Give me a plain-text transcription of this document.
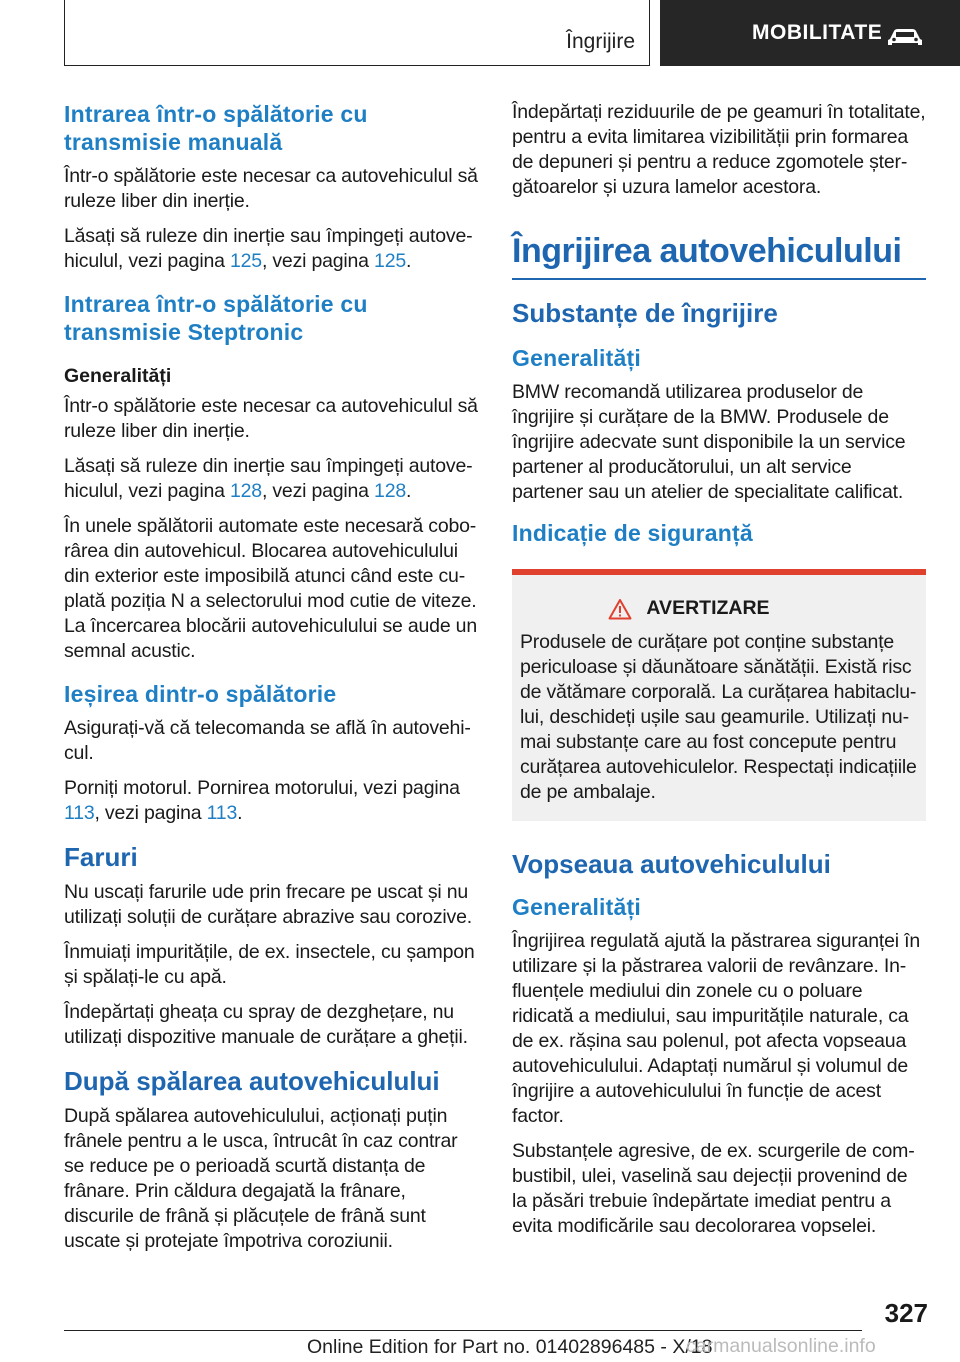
Îngrijire	MOBILITATE
Intrarea într-o spălătorie cu transmisie manuală

Într-o spălătorie este necesar ca autovehiculul să ruleze liber din inerție.

Lăsați să ruleze din inerție sau împingeți autovehiculul, vezi pagina 125, vezi pagina 125.

Intrarea într-o spălătorie cu transmisie Steptronic
Generalități

Într-o spălătorie este necesar ca autovehiculul să ruleze liber din inerție.

Lăsați să ruleze din inerție sau împingeți autovehiculul, vezi pagina 128, vezi pagina 128.

În unele spălătorii automate este necesară coborârea din autovehicul. Blocarea autovehiculului din exterior este imposibilă atunci când este cuplată poziția N a selectorului mod cutie de viteze. La încercarea blocării autovehiculului se aude un semnal acustic.

Ieșirea dintr-o spălătorie

Asigurați-vă că telecomanda se află în autovehicul.

Porniți motorul. Pornirea motorului, vezi pagina 113, vezi pagina 113.

Faruri

Nu uscați farurile ude prin frecare pe uscat și nu utilizați soluții de curățare abrazive sau corozive.

Înmuiați impuritățile, de ex. insectele, cu șampon și spălați-le cu apă.

Îndepărtați gheața cu spray de dezghețare, nu utilizați dispozitive manuale de curățare a gheții.

După spălarea autovehiculului

După spălarea autovehiculului, acționați puțin frânele pentru a le usca, întrucât în caz contrar se reduce pe o perioadă scurtă distanța de frânare. Prin căldura degajată la frânare, discurile de frână și plăcuțele de frână sunt uscate și protejate împotriva coroziunii.

Îndepărtați reziduurile de pe geamuri în totalitate, pentru a evita limitarea vizibilității prin formarea de depuneri și pentru a reduce zgomotele ștergătoarelor și uzura lamelor acestora.

Îngrijirea autovehiculului
Substanțe de îngrijire
Generalități

BMW recomandă utilizarea produselor de îngrijire și curățare de la BMW. Produsele de îngrijire adecvate sunt disponibile la un service partener al producătorului, un alt service partener sau un atelier de specialitate calificat.

Indicație de siguranță
AVERTIZARE

Produsele de curățare pot conține substanțe periculoase și dăunătoare sănătății. Există risc de vătămare corporală. La curățarea habitaclului, deschideți ușile sau geamurile. Utilizați numai substanțe care au fost concepute pentru curățarea autovehiculelor. Respectați indicațiile de pe ambalaje.

Vopseaua autovehiculului
Generalități

Îngrijirea regulată ajută la păstrarea siguranței în utilizare și la păstrarea valorii de revânzare. Influențele mediului din zonele cu o poluare ridicată a mediului, sau impuritățile naturale, ca de ex. rășina sau polenul, pot afecta vopseaua autovehiculului. Adaptați numărul și volumul de îngrijire a autovehiculului în funcție de acest factor.

Substanțele agresive, de ex. scurgerile de combustibil, ulei, vaselină sau dejecții provenind de la păsări trebuie îndepărtate imediat pentru a evita modificările sau decolorarea vopselei.

327
Online Edition for Part no. 01402896485 - X/18
carmanualsonline.info
